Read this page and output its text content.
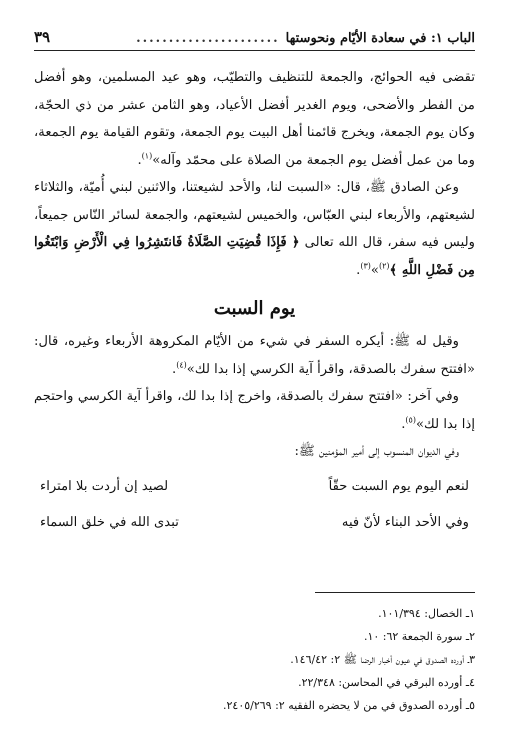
الباب ١: في سعادة الأيّام ونحوستها
......................
٣٩

تقضى فيه الحوائج، والجمعة للتنظيف والتطيّب، وهو عيد المسلمين، وهو أفضل من الفطر والأضحى، ويوم الغدير أفضل الأعياد، وهو الثامن عشر من ذي الحجّة، وكان يوم الجمعة، ويخرج قائمنا أهل البيت يوم الجمعة، وتقوم القيامة يوم الجمعة، وما من عمل أفضل يوم الجمعة من الصلاة على محمّد وآله»$^{(١)}$.

وعن الصادق ﷺ، قال: «السبت لنا، والأحد لشيعتنا، والاثنين لبني أُميّة، والثلاثاء لشيعتهم، والأربعاء لبني العبّاس، والخميس لشيعتهم، والجمعة لسائر النّاس جميعاً، وليس فيه سفر، قال الله تعالى ﴿ فَإِذَا قُضِيَتِ الصَّلَاةُ فَانتَشِرُوا فِي الْأَرْضِ وَابْتَغُوا مِن فَضْلِ اللَّهِ ﴾$^{(٢)}$»$^{(٣)}$.

يوم السبت

وقيل له ﷺ: أيكره السفر في شيء من الأيّام المكروهة الأربعاء وغيره، قال: «افتتح سفرك بالصدقة، واقرأ آية الكرسي إذا بدا لك»$^{(٤)}$.

وفي آخر: «افتتح سفرك بالصدقة، واخرج إذا بدا لك، واقرأ آية الكرسي واحتجم إذا بدا لك»$^{(٥)}$.

وفي الديوان المنسوب إلى أمير المؤمنين ﷺ:

لنعم اليوم يوم السبت حقّاً
لصيد إن أردت بلا امتراء
وفي الأحد البناء لأنّ فيه
تبدى الله في خلق السماء
١ـ الخصال: ١٠١/٣٩٤.
٢ـ سورة الجمعة ٦٢: ١٠.
٣ـ أورده الصدوق في عيون أخبار الرضا ﷺ ٢: ١٤٦/٤٢.
٤ـ أورده البرقي في المحاسن: ٢٢/٣٤٨.
٥ـ أورده الصدوق في من لا يحضره الفقيه ٢: ٢٤٠٥/٢٦٩.
